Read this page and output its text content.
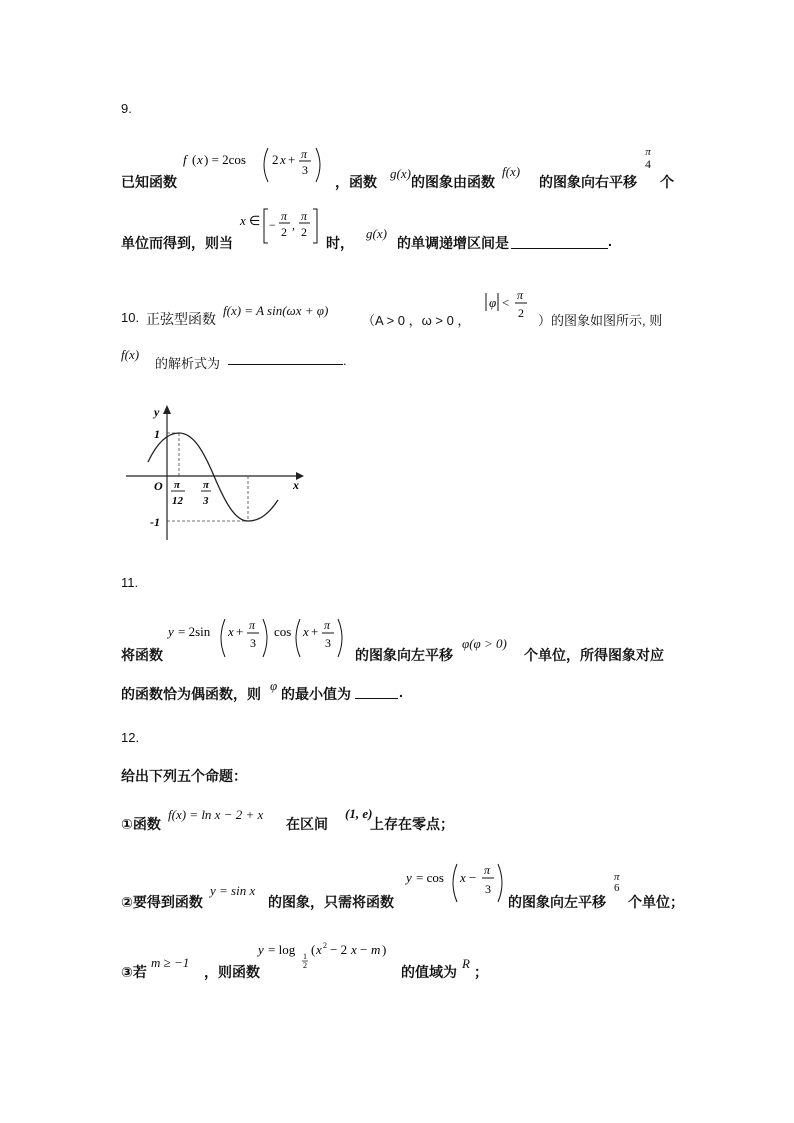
9.
已知函数
f ( x ) = 2cos 2 x + π
3
，函数
g(x)
的图象由函数
f(x)
的图象向右平移
π
4
个
单位而得到，则当
x ∈ −
π
2 ,
π
2
时，
g(x)
的单调递增区间是	.
10. 正弦型函数
f(x) = A sin(ωx + φ)
（A > 0 ，ω > 0 ，
φ < π
2 ）的图象如图所示, 则
f(x)
的解析式为	.
y
x
O
1
-1
π
12
π
3
11.
将函数
y = 2sin x + π
3
cos x + π
3
的图象向左平移
φ(φ > 0)
个单位，所得图象对应
的函数恰为偶函数，则
φ
的最小值为	.
12.
给出下列五个命题：
①函数
f(x) = ln x − 2 + x
在区间
(1, e)
上存在零点；
②要得到函数
y = sin x
的图象，只需将函数
y = cos x − π
3
的图象向左平移
π
6
个单位；
③若
m ≥ −1
，则函数
y = log 1
2
( x 2 − 2 x − m )
的值域为
R
；
